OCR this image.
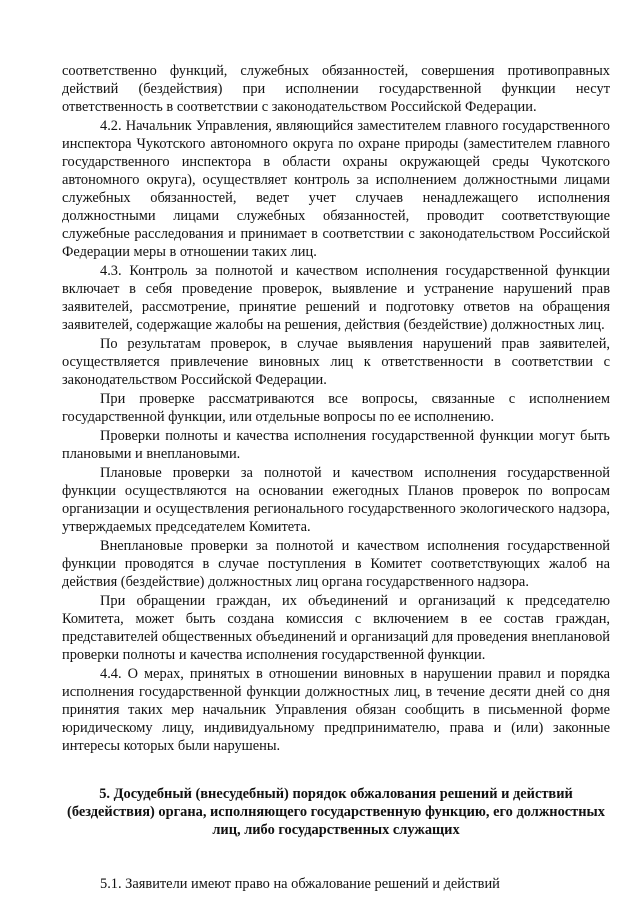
соответственно функций, служебных обязанностей, совершения противоправных действий (бездействия) при исполнении государственной функции несут ответственность в соответствии с законодательством Российской Федерации.

4.2. Начальник Управления, являющийся заместителем главного государственного инспектора Чукотского автономного округа по охране природы (заместителем главного государственного инспектора в области охраны окружающей среды Чукотского автономного округа), осуществляет контроль за исполнением должностными лицами служебных обязанностей, ведет учет случаев ненадлежащего исполнения должностными лицами служебных обязанностей, проводит соответствующие служебные расследования и принимает в соответствии с законодательством Российской Федерации меры в отношении таких лиц.

4.3. Контроль за полнотой и качеством исполнения государственной функции включает в себя проведение проверок, выявление и устранение нарушений прав заявителей, рассмотрение, принятие решений и подготовку ответов на обращения заявителей, содержащие жалобы на решения, действия (бездействие) должностных лиц.

По результатам проверок, в случае выявления нарушений прав заявителей, осуществляется привлечение виновных лиц к ответственности в соответствии с законодательством Российской Федерации.

При проверке рассматриваются все вопросы, связанные с исполнением государственной функции, или отдельные вопросы по ее исполнению.

Проверки полноты и качества исполнения государственной функции могут быть плановыми и внеплановыми.

Плановые проверки за полнотой и качеством исполнения государственной функции осуществляются на основании ежегодных Планов проверок по вопросам организации и осуществления регионального государственного экологического надзора, утверждаемых председателем Комитета.

Внеплановые проверки за полнотой и качеством исполнения государственной функции проводятся в случае поступления в Комитет соответствующих жалоб на действия (бездействие) должностных лиц органа государственного надзора.

При обращении граждан, их объединений и организаций к председателю Комитета, может быть создана комиссия с включением в ее состав граждан, представителей общественных объединений и организаций для проведения внеплановой проверки полноты и качества исполнения государственной функции.

4.4. О мерах, принятых в отношении виновных в нарушении правил и порядка исполнения государственной функции должностных лиц, в течение десяти дней со дня принятия таких мер начальник Управления обязан сообщить в письменной форме юридическому лицу, индивидуальному предпринимателю, права и (или) законные интересы которых были нарушены.

5. Досудебный (внесудебный) порядок обжалования решений и действий (бездействия) органа, исполняющего государственную функцию, его должностных лиц, либо государственных служащих

5.1. Заявители имеют право на обжалование решений и действий
